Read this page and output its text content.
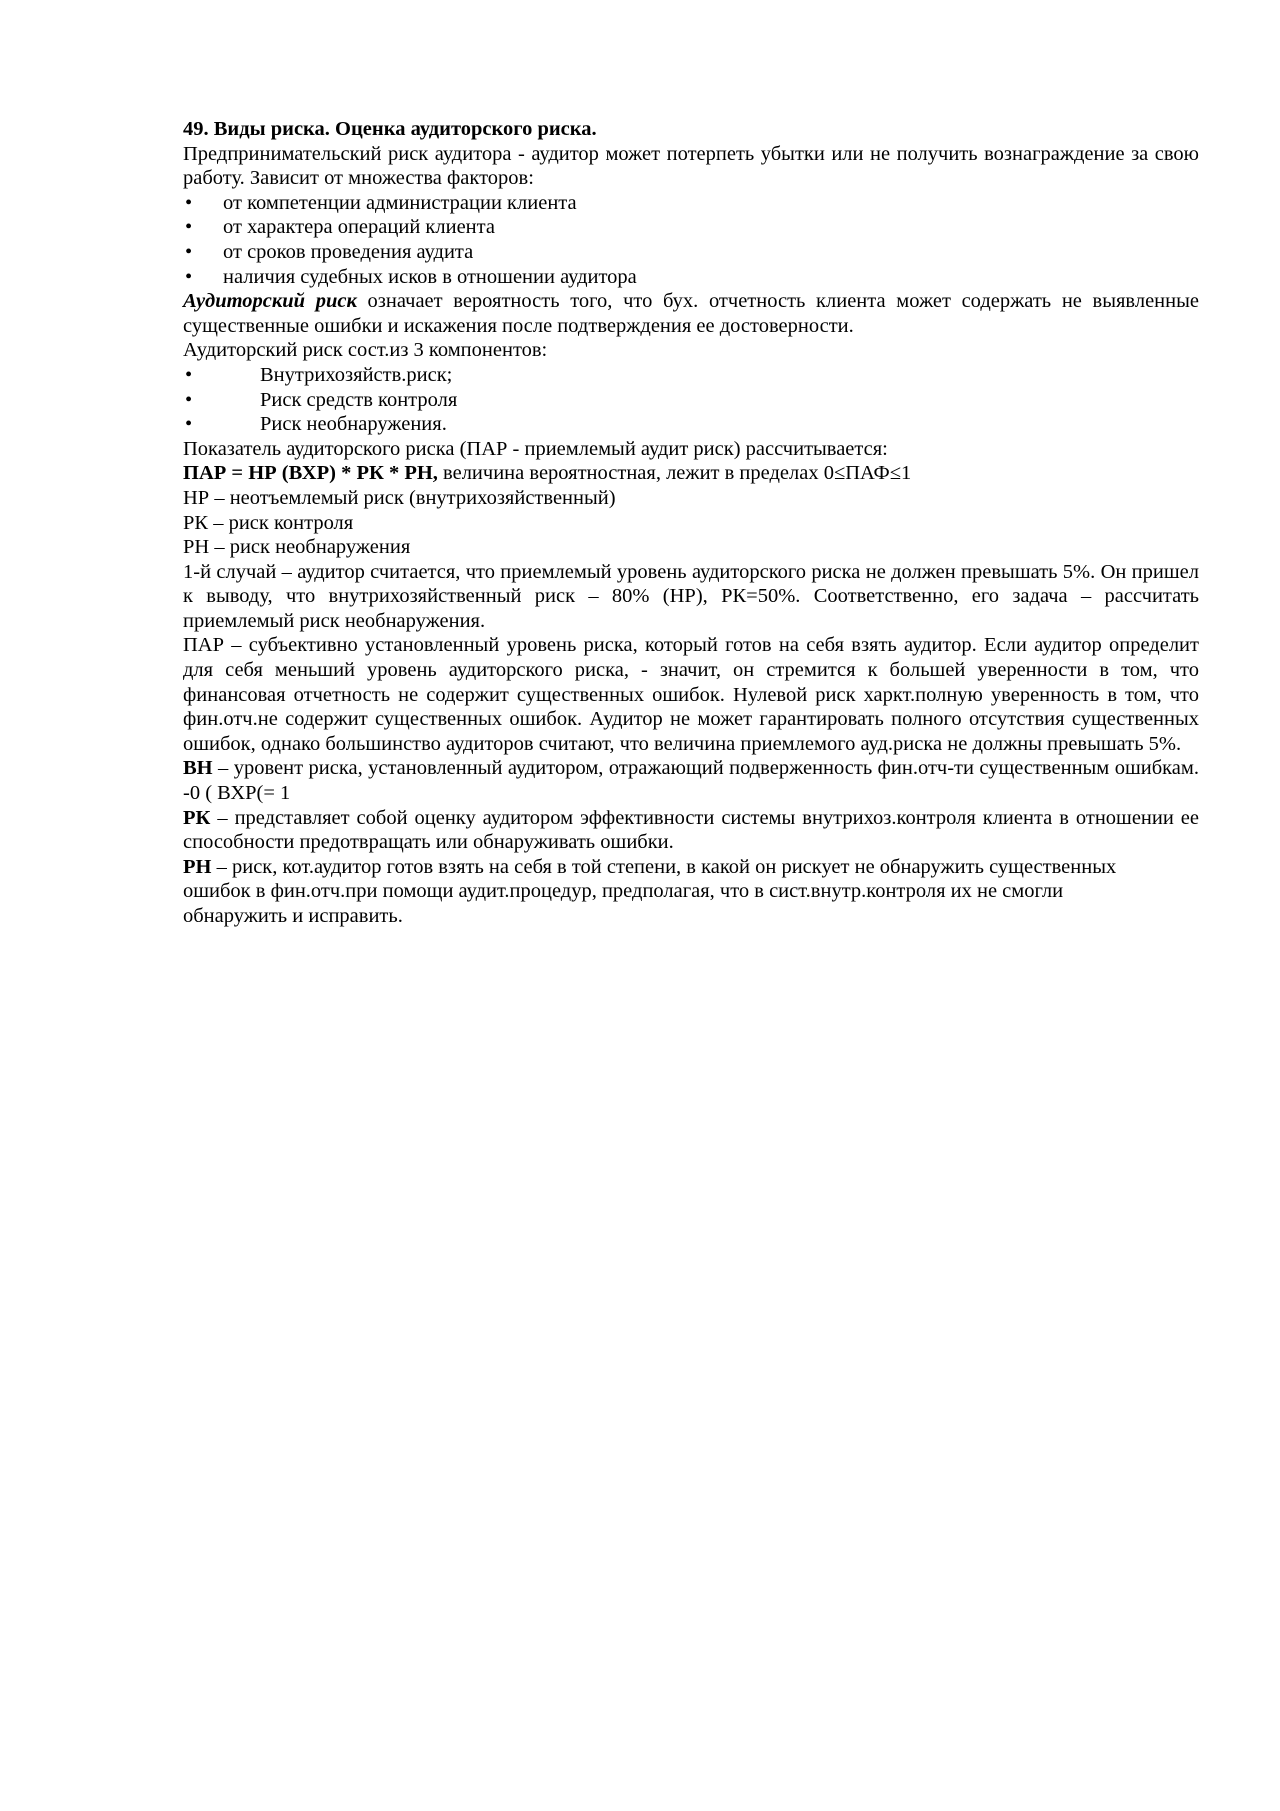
49. Виды риска. Оценка аудиторского риска.

Предпринимательский риск аудитора - аудитор может потерпеть убытки или не получить вознаграждение за свою работу. Зависит от множества факторов:

• от компетенции администрации клиента
• от характера операций клиента
• от сроков проведения аудита
• наличия судебных исков в отношении аудитора

Аудиторский риск означает вероятность того, что бух. отчетность клиента может содержать не выявленные существенные ошибки и искажения после подтверждения ее достоверности.

Аудиторский риск сост.из 3 компонентов:

•	Внутрихозяйств.риск;
•	Риск средств контроля
•	Риск необнаружения.

Показатель аудиторского риска (ПАР - приемлемый аудит риск) рассчитывается:

ПАР = НР (ВХР) * РК * РН, величина вероятностная, лежит в пределах 0≤ПАФ≤1

НР – неотъемлемый риск (внутрихозяйственный)

РК – риск контроля

РН – риск необнаружения

1-й случай – аудитор считается, что приемлемый уровень аудиторского риска не должен превышать 5%. Он пришел к выводу, что внутрихозяйственный риск – 80% (НР), РК=50%. Соответственно, его задача – рассчитать приемлемый риск необнаружения.

ПАР – субъективно установленный уровень риска, который готов на себя взять аудитор. Если аудитор определит для себя меньший уровень аудиторского риска, - значит, он стремится к большей уверенности в том, что финансовая отчетность не содержит существенных ошибок. Нулевой риск харкт.полную уверенность в том, что фин.отч.не содержит существенных ошибок. Аудитор не может гарантировать полного отсутствия существенных ошибок, однако большинство аудиторов считают, что величина приемлемого ауд.риска не должны превышать 5%.

ВН – уровент риска, установленный аудитором, отражающий подверженность фин.отч-ти существенным ошибкам. -0 ( ВХР(= 1

РК – представляет собой оценку аудитором эффективности системы внутрихоз.контроля клиента в отношении ее способности предотвращать или обнаруживать ошибки.

РН – риск, кот.аудитор готов взять на себя в той степени, в какой он рискует не обнаружить существенных ошибок в фин.отч.при помощи аудит.процедур, предполагая, что в сист.внутр.контроля их не смогли обнаружить и исправить.
